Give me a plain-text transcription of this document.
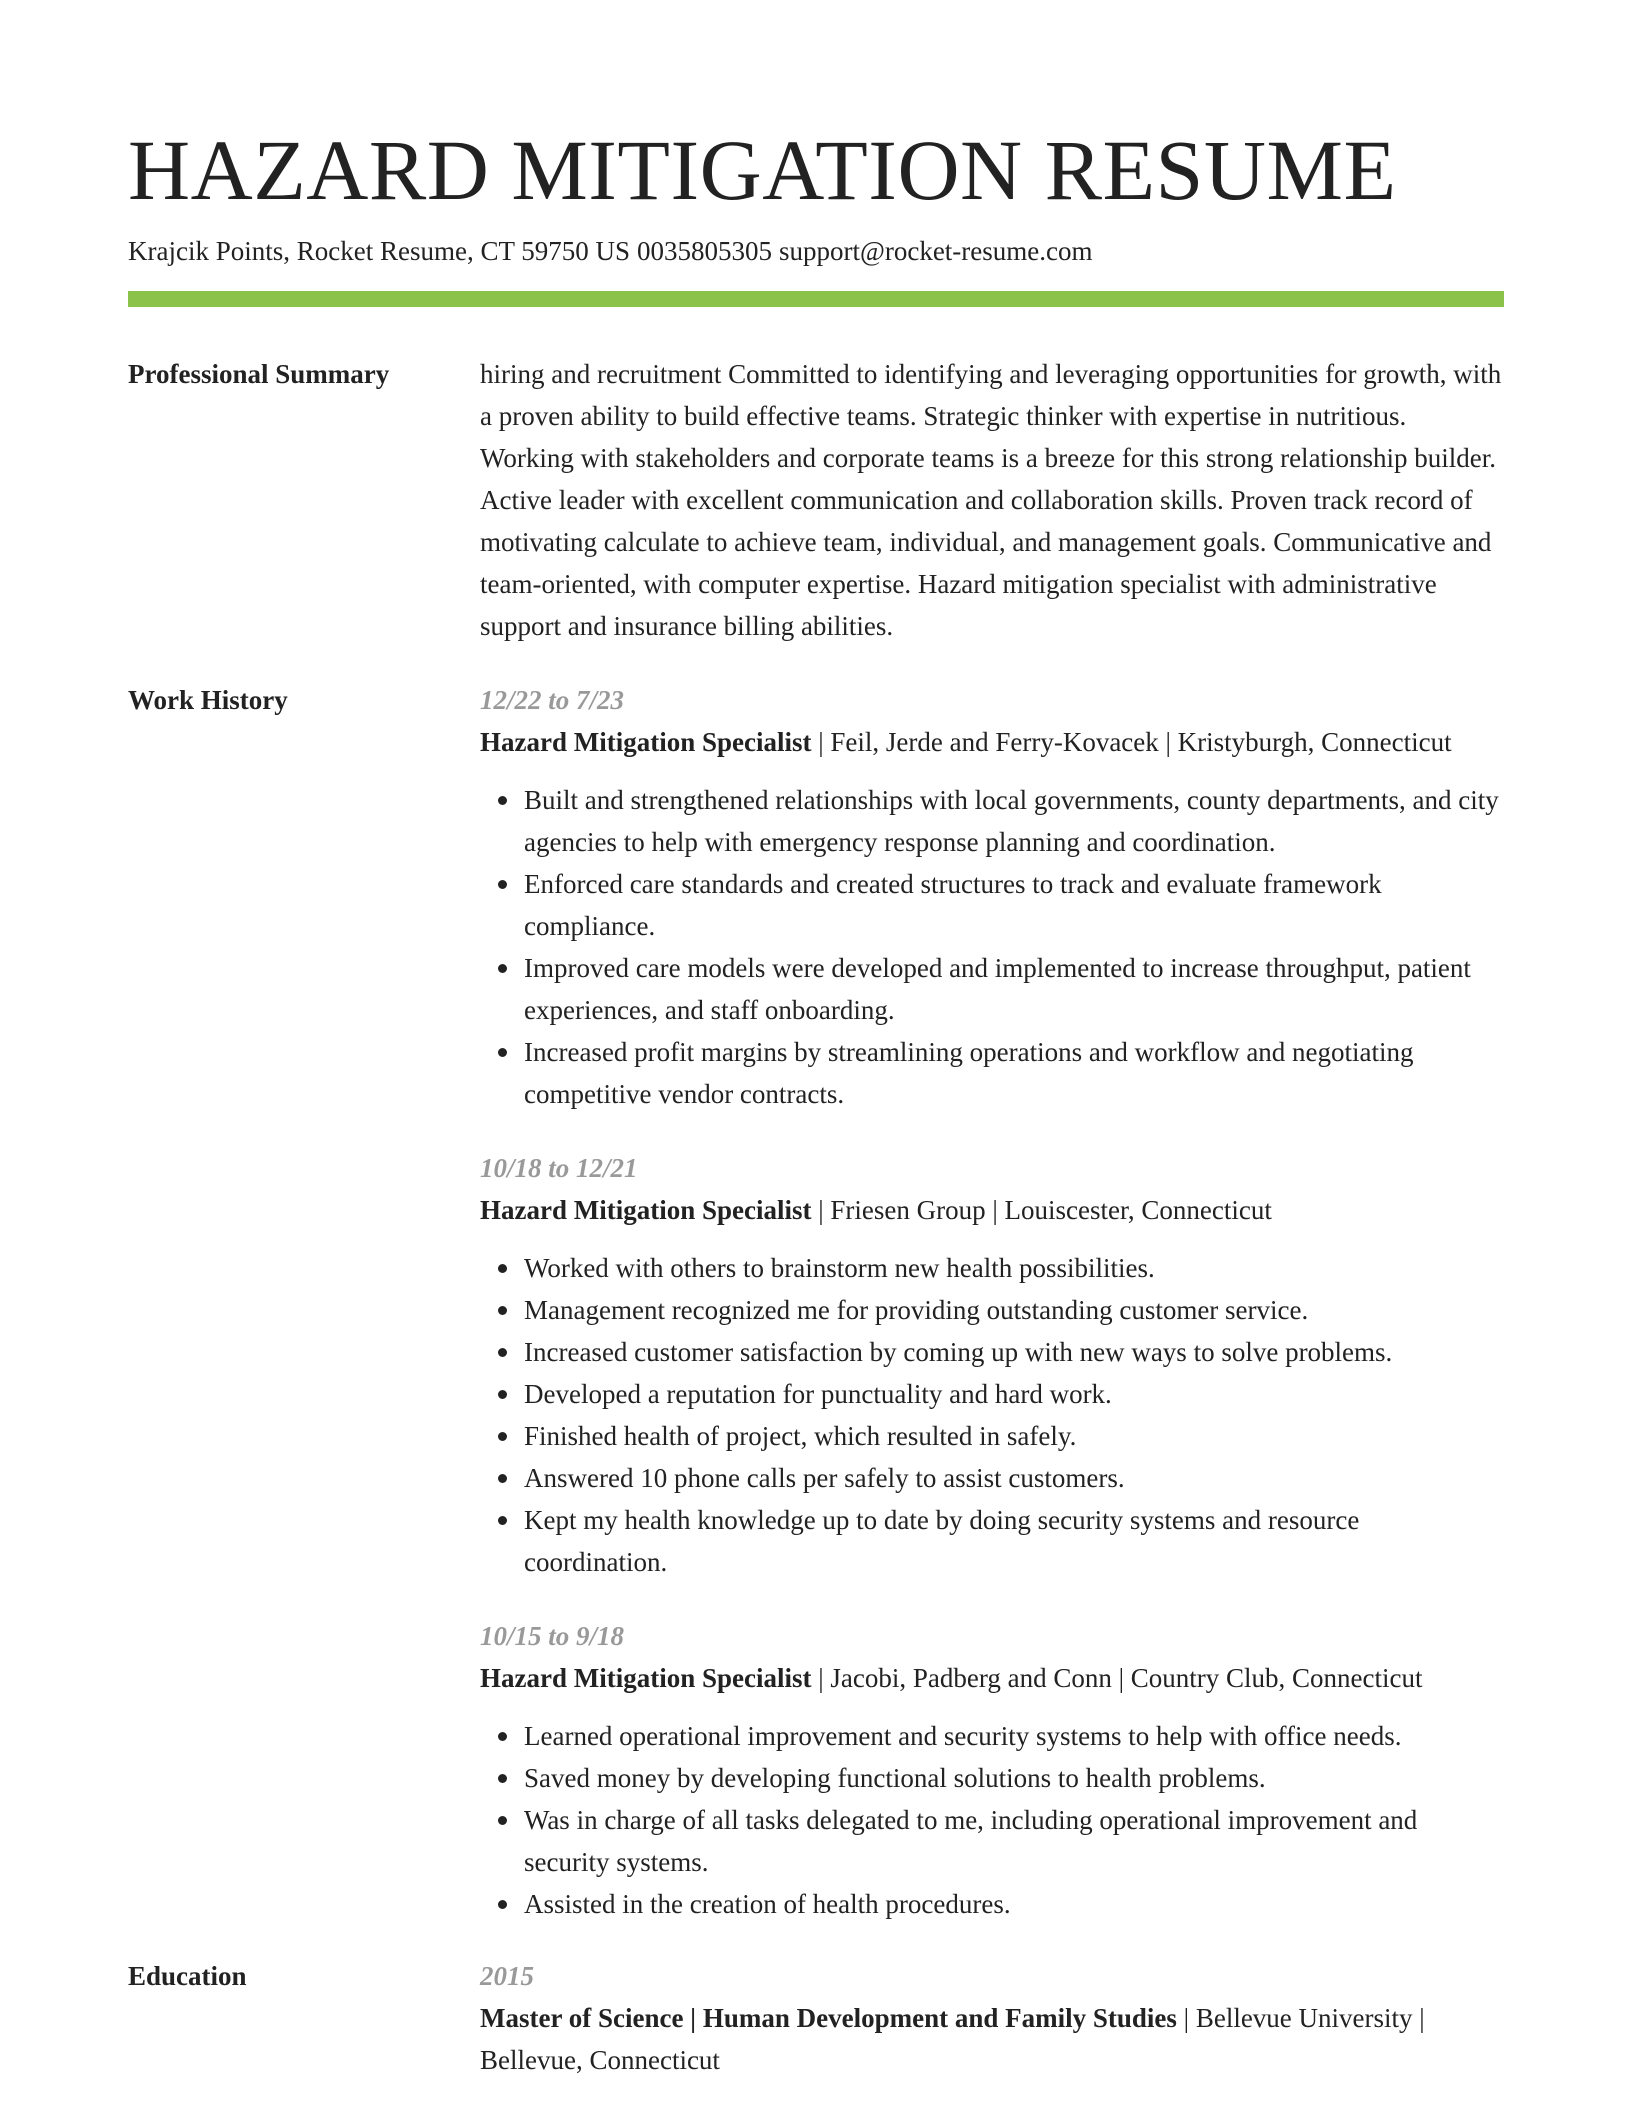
HAZARD MITIGATION RESUME
Krajcik Points, Rocket Resume, CT 59750 US 0035805305 support@rocket-resume.com
Professional Summary	hiring and recruitment Committed to identifying and leveraging opportunities for growth, with a proven ability to build effective teams. Strategic thinker with expertise in nutritious. Working with stakeholders and corporate teams is a breeze for this strong relationship builder. Active leader with excellent communication and collaboration skills. Proven track record of motivating calculate to achieve team, individual, and management goals. Communicative and team-oriented, with computer expertise. Hazard mitigation specialist with administrative support and insurance billing abilities.
Work History	12/22 to 7/23
Hazard Mitigation Specialist | Feil, Jerde and Ferry-Kovacek | Kristyburgh, Connecticut
Built and strengthened relationships with local governments, county departments, and city agencies to help with emergency response planning and coordination.
Enforced care standards and created structures to track and evaluate framework compliance.
Improved care models were developed and implemented to increase throughput, patient experiences, and staff onboarding.
Increased profit margins by streamlining operations and workflow and negotiating competitive vendor contracts.
10/18 to 12/21
Hazard Mitigation Specialist | Friesen Group | Louiscester, Connecticut
Worked with others to brainstorm new health possibilities.
Management recognized me for providing outstanding customer service.
Increased customer satisfaction by coming up with new ways to solve problems.
Developed a reputation for punctuality and hard work.
Finished health of project, which resulted in safely.
Answered 10 phone calls per safely to assist customers.
Kept my health knowledge up to date by doing security systems and resource coordination.
10/15 to 9/18
Hazard Mitigation Specialist | Jacobi, Padberg and Conn | Country Club, Connecticut
Learned operational improvement and security systems to help with office needs.
Saved money by developing functional solutions to health problems.
Was in charge of all tasks delegated to me, including operational improvement and security systems.
Assisted in the creation of health procedures.
Education	2015
Master of Science | Human Development and Family Studies | Bellevue University | Bellevue, Connecticut
